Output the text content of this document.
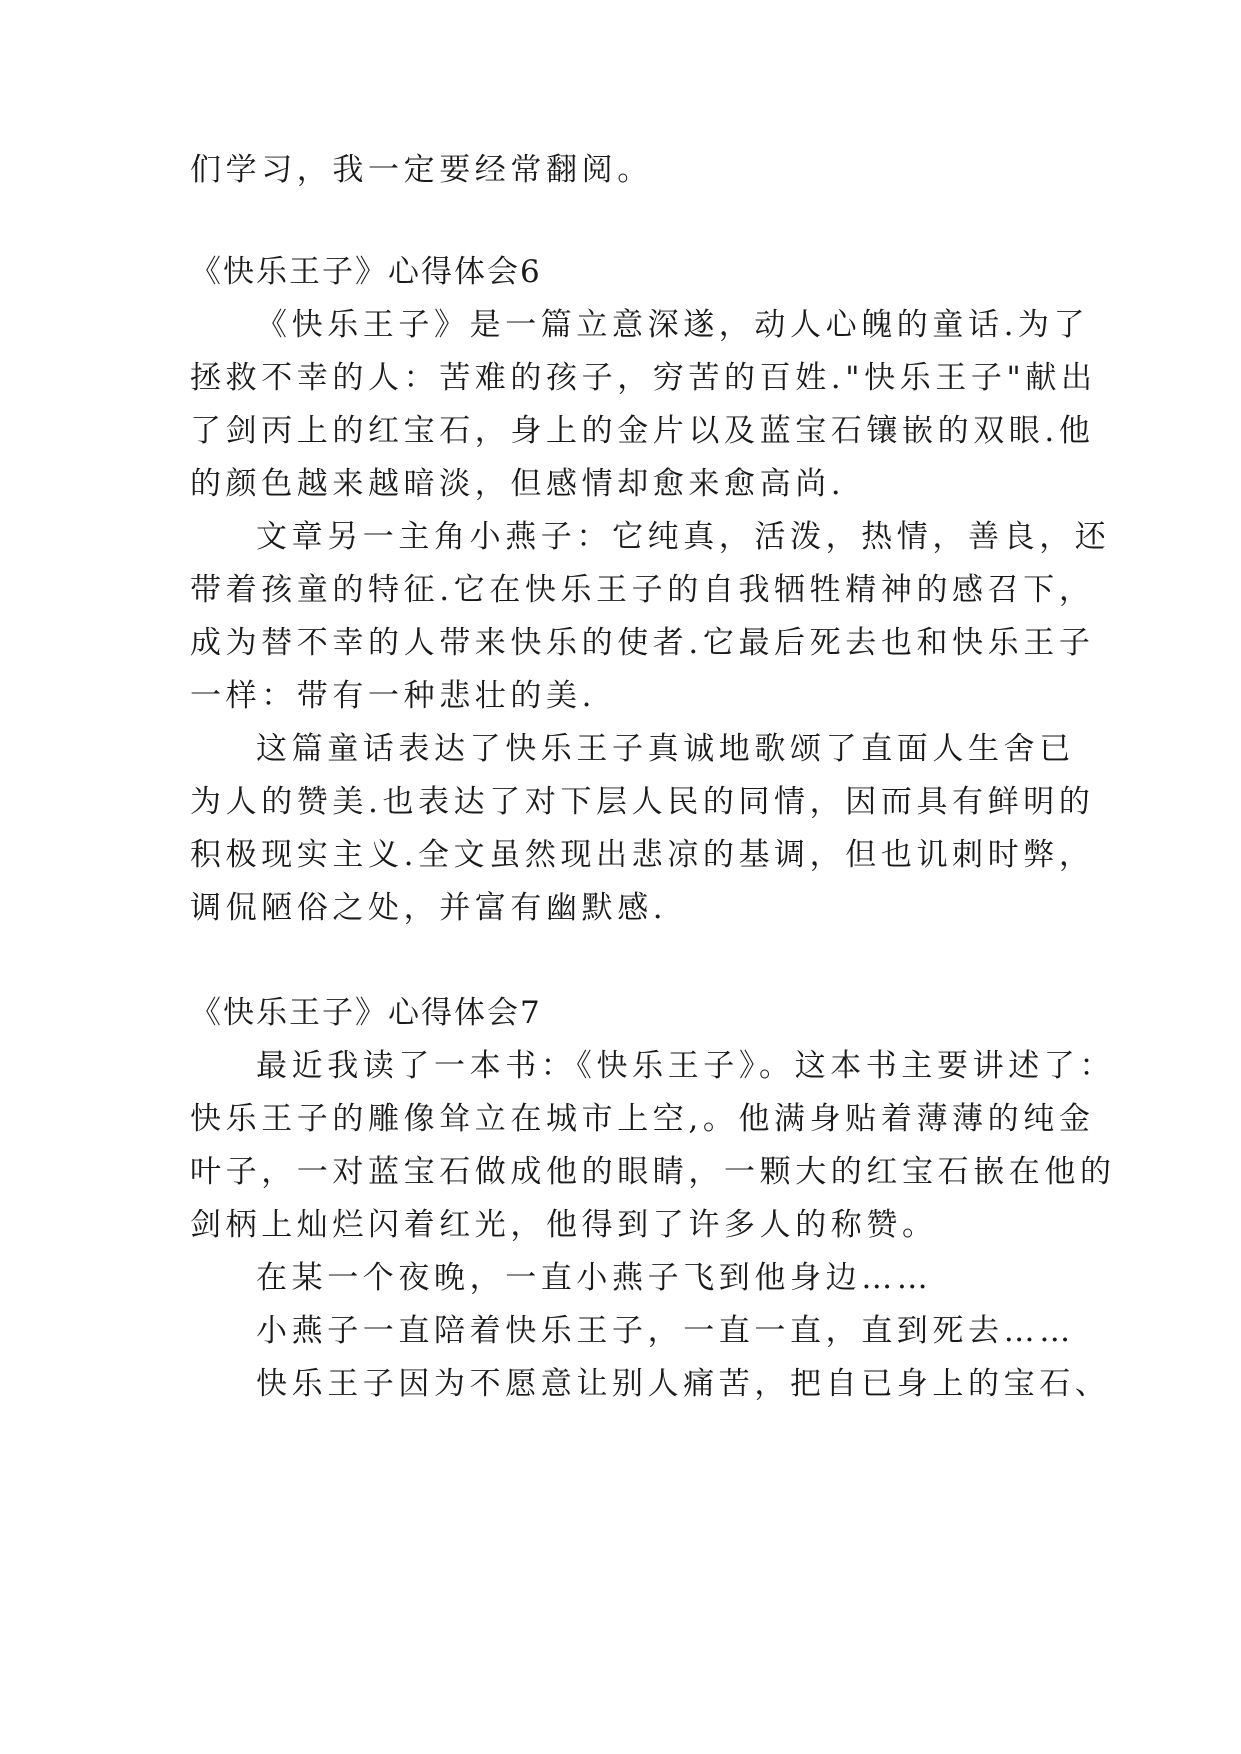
们学习，我一定要经常翻阅。
《快乐王子》心得体会6
《快乐王子》是一篇立意深遂，动人心魄的童话.为了
拯救不幸的人：苦难的孩子，穷苦的百姓."快乐王子"献出
了剑丙上的红宝石，身上的金片以及蓝宝石镶嵌的双眼.他
的颜色越来越暗淡，但感情却愈来愈高尚.
文章另一主角小燕子：它纯真，活泼，热情，善良，还
带着孩童的特征.它在快乐王子的自我牺牲精神的感召下，
成为替不幸的人带来快乐的使者.它最后死去也和快乐王子
一样：带有一种悲壮的美.
这篇童话表达了快乐王子真诚地歌颂了直面人生舍已
为人的赞美.也表达了对下层人民的同情，因而具有鲜明的
积极现实主义.全文虽然现出悲凉的基调，但也讥刺时弊，
调侃陋俗之处，并富有幽默感.
《快乐王子》心得体会7
最近我读了一本书：《快乐王子》。这本书主要讲述了：
快乐王子的雕像耸立在城市上空,。他满身贴着薄薄的纯金
叶子，一对蓝宝石做成他的眼睛，一颗大的红宝石嵌在他的
剑柄上灿烂闪着红光，他得到了许多人的称赞。
在某一个夜晚，一直小燕子飞到他身边……
小燕子一直陪着快乐王子，一直一直，直到死去……
快乐王子因为不愿意让别人痛苦，把自已身上的宝石、
